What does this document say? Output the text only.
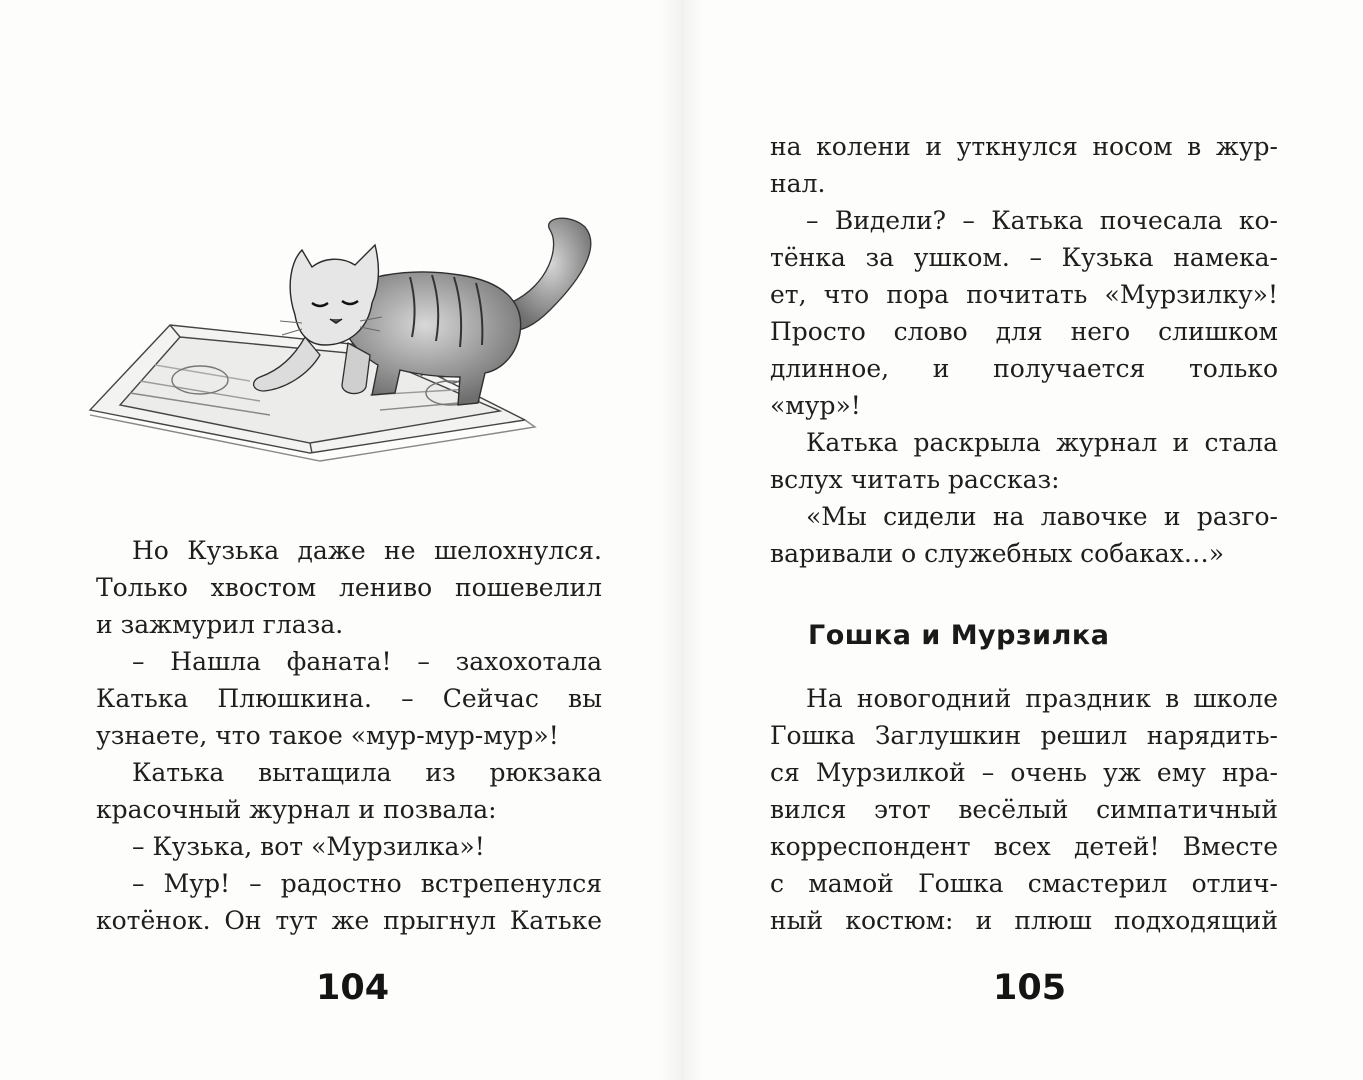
Но Кузька даже не шелохнулся.
Только хвостом лениво пошевелил
и зажмурил глаза.
– Нашла фаната! – захохотала
Катька Плюшкина. – Сейчас вы
узнаете, что такое «мур-мур-мур»!
Катька вытащила из рюкзака
красочный журнал и позвала:
– Кузька, вот «Мурзилка»!
– Мур! – радостно встрепенулся
котёнок. Он тут же прыгнул Катьке
104
на колени и уткнулся носом в жур-
нал.
– Видели? – Катька почесала ко-
тёнка за ушком. – Кузька намека-
ет, что пора почитать «Мурзилку»!
Просто слово для него слишком
длинное, и получается только
«мур»!
Катька раскрыла журнал и стала
вслух читать рассказ:
«Мы сидели на лавочке и разго-
варивали о служебных собаках…»
Гошка и Мурзилка
На новогодний праздник в школе
Гошка Заглушкин решил нарядить-
ся Мурзилкой – очень уж ему нра-
вился этот весёлый симпатичный
корреспондент всех детей! Вместе
с мамой Гошка смастерил отлич-
ный костюм: и плюш подходящий
105
